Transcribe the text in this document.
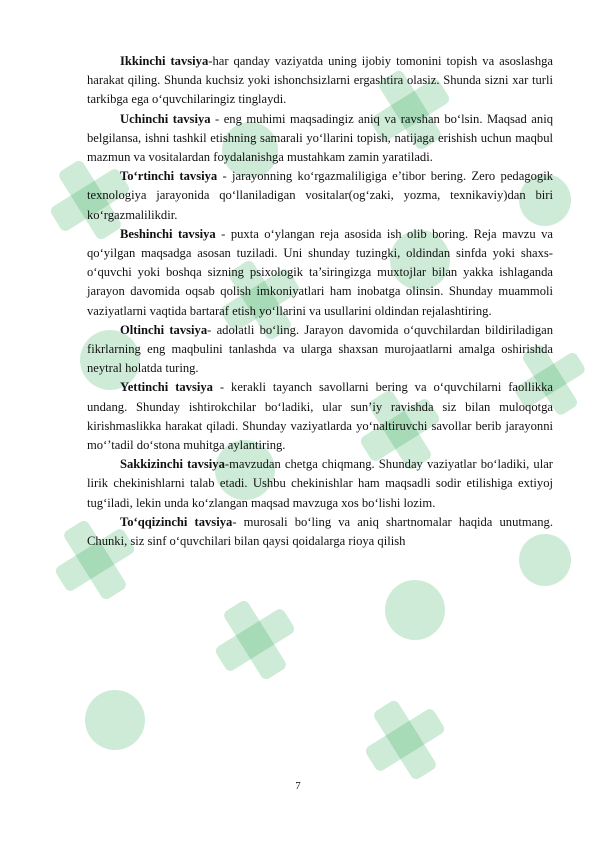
Ikkinchi tavsiya-har qanday vaziyatda uning ijobiy tomonini topish va asoslashga harakat qiling. Shunda kuchsiz yoki ishonchsizlarni ergashtira olasiz. Shunda sizni xar turli tarkibga ega o‘quvchilaringiz tinglaydi.

Uchinchi tavsiya - eng muhimi maqsadingiz aniq va ravshan bo‘lsin. Maqsad aniq belgilansa, ishni tashkil etishning samarali yo‘llarini topish, natijaga erishish uchun maqbul mazmun va vositalardan foydalanishga mustahkam zamin yaratiladi.

To‘rtinchi tavsiya - jarayonning ko‘rgazmaliligiga e’tibor bering. Zero pedagogik texnologiya jarayonida qo‘llaniladigan vositalar(og‘zaki, yozma, texnikaviy)dan biri ko‘rgazmalilikdir.

Beshinchi tavsiya - puxta o‘ylangan reja asosida ish olib boring. Reja mavzu va qo‘yilgan maqsadga asosan tuziladi. Uni shunday tuzingki, oldindan sinfda yoki shaxs-o‘quvchi yoki boshqa sizning psixologik ta’siringizga muxtojlar bilan yakka ishlaganda jarayon davomida oqsab qolish imkoniyatlari ham inobatga olinsin. Shunday muammoli vaziyatlarni vaqtida bartaraf etish yo‘llarini va usullarini oldindan rejalashtiring.

Oltinchi tavsiya- adolatli bo‘ling. Jarayon davomida o‘quvchilardan bildiriladigan fikrlarning eng maqbulini tanlashda va ularga shaxsan murojaatlarni amalga oshirishda neytral holatda turing.

Yettinchi tavsiya - kerakli tayanch savollarni bering va o‘quvchilarni faollikka undang. Shunday ishtirokchilar bo‘ladiki, ular sun’iy ravishda siz bilan muloqotga kirishmaslikka harakat qiladi. Shunday vaziyatlarda yo‘naltiruvchi savollar berib jarayonni mo‘’tadil do‘stona muhitga aylantiring.

Sakkizinchi tavsiya-mavzudan chetga chiqmang. Shunday vaziyatlar bo‘ladiki, ular lirik chekinishlarni talab etadi. Ushbu chekinishlar ham maqsadli sodir etilishiga extiyoj tug‘iladi, lekin unda ko‘zlangan maqsad mavzuga xos bo‘lishi lozim.

To‘qqizinchi tavsiya- murosali bo‘ling va aniq shartnomalar haqida unutmang. Chunki, siz sinf o‘quvchilari bilan qaysi qoidalarga rioya qilish

7
